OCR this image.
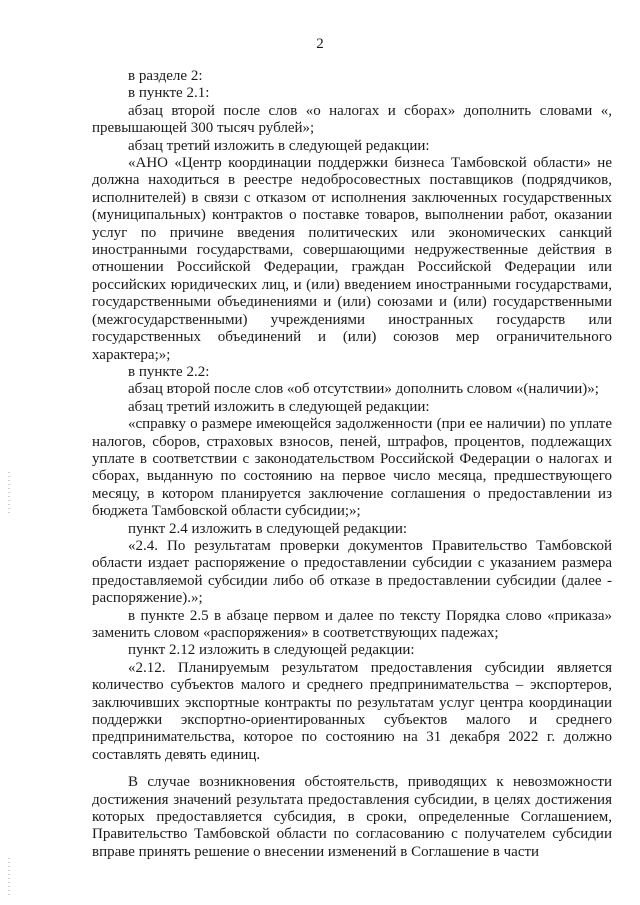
2

в разделе 2:

в пункте 2.1:

абзац второй после слов «о налогах и сборах» дополнить словами «, превышающей 300 тысяч рублей»;

абзац третий изложить в следующей редакции:

«АНО «Центр координации поддержки бизнеса Тамбовской области» не должна находиться в реестре недобросовестных поставщиков (подрядчиков, исполнителей) в связи с отказом от исполнения заключенных государственных (муниципальных) контрактов о поставке товаров, выполнении работ, оказании услуг по причине введения политических или экономических санкций иностранными государствами, совершающими недружественные действия в отношении Российской Федерации, граждан Российской Федерации или российских юридических лиц, и (или) введением иностранными государствами, государственными объединениями и (или) союзами и (или) государственными (межгосударственными) учреждениями иностранных государств или государственных объединений и (или) союзов мер ограничительного характера;»;

в пункте 2.2:

абзац второй после слов «об отсутствии» дополнить словом «(наличии)»;

абзац третий изложить в следующей редакции:

«справку о размере имеющейся задолженности (при ее наличии) по уплате налогов, сборов, страховых взносов, пеней, штрафов, процентов, подлежащих уплате в соответствии с законодательством Российской Федерации о налогах и сборах, выданную по состоянию на первое число месяца, предшествующего месяцу, в котором планируется заключение соглашения о предоставлении из бюджета Тамбовской области субсидии;»;

пункт 2.4 изложить в следующей редакции:

«2.4. По результатам проверки документов Правительство Тамбовской области издает распоряжение о предоставлении субсидии с указанием размера предоставляемой субсидии либо об отказе в предоставлении субсидии (далее - распоряжение).»;

в пункте 2.5 в абзаце первом и далее по тексту Порядка слово «приказа» заменить словом «распоряжения» в соответствующих падежах;

пункт 2.12 изложить в следующей редакции:

«2.12. Планируемым результатом предоставления субсидии является количество субъектов малого и среднего предпринимательства – экспортеров, заключивших экспортные контракты по результатам услуг центра координации поддержки экспортно-ориентированных субъектов малого и среднего предпринимательства, которое по состоянию на 31 декабря 2022 г. должно составлять девять единиц.

В случае возникновения обстоятельств, приводящих к невозможности достижения значений результата предоставления субсидии, в целях достижения которых предоставляется субсидия, в сроки, определенные Соглашением, Правительство Тамбовской области по согласованию с получателем субсидии вправе принять решение о внесении изменений в Соглашение в части
